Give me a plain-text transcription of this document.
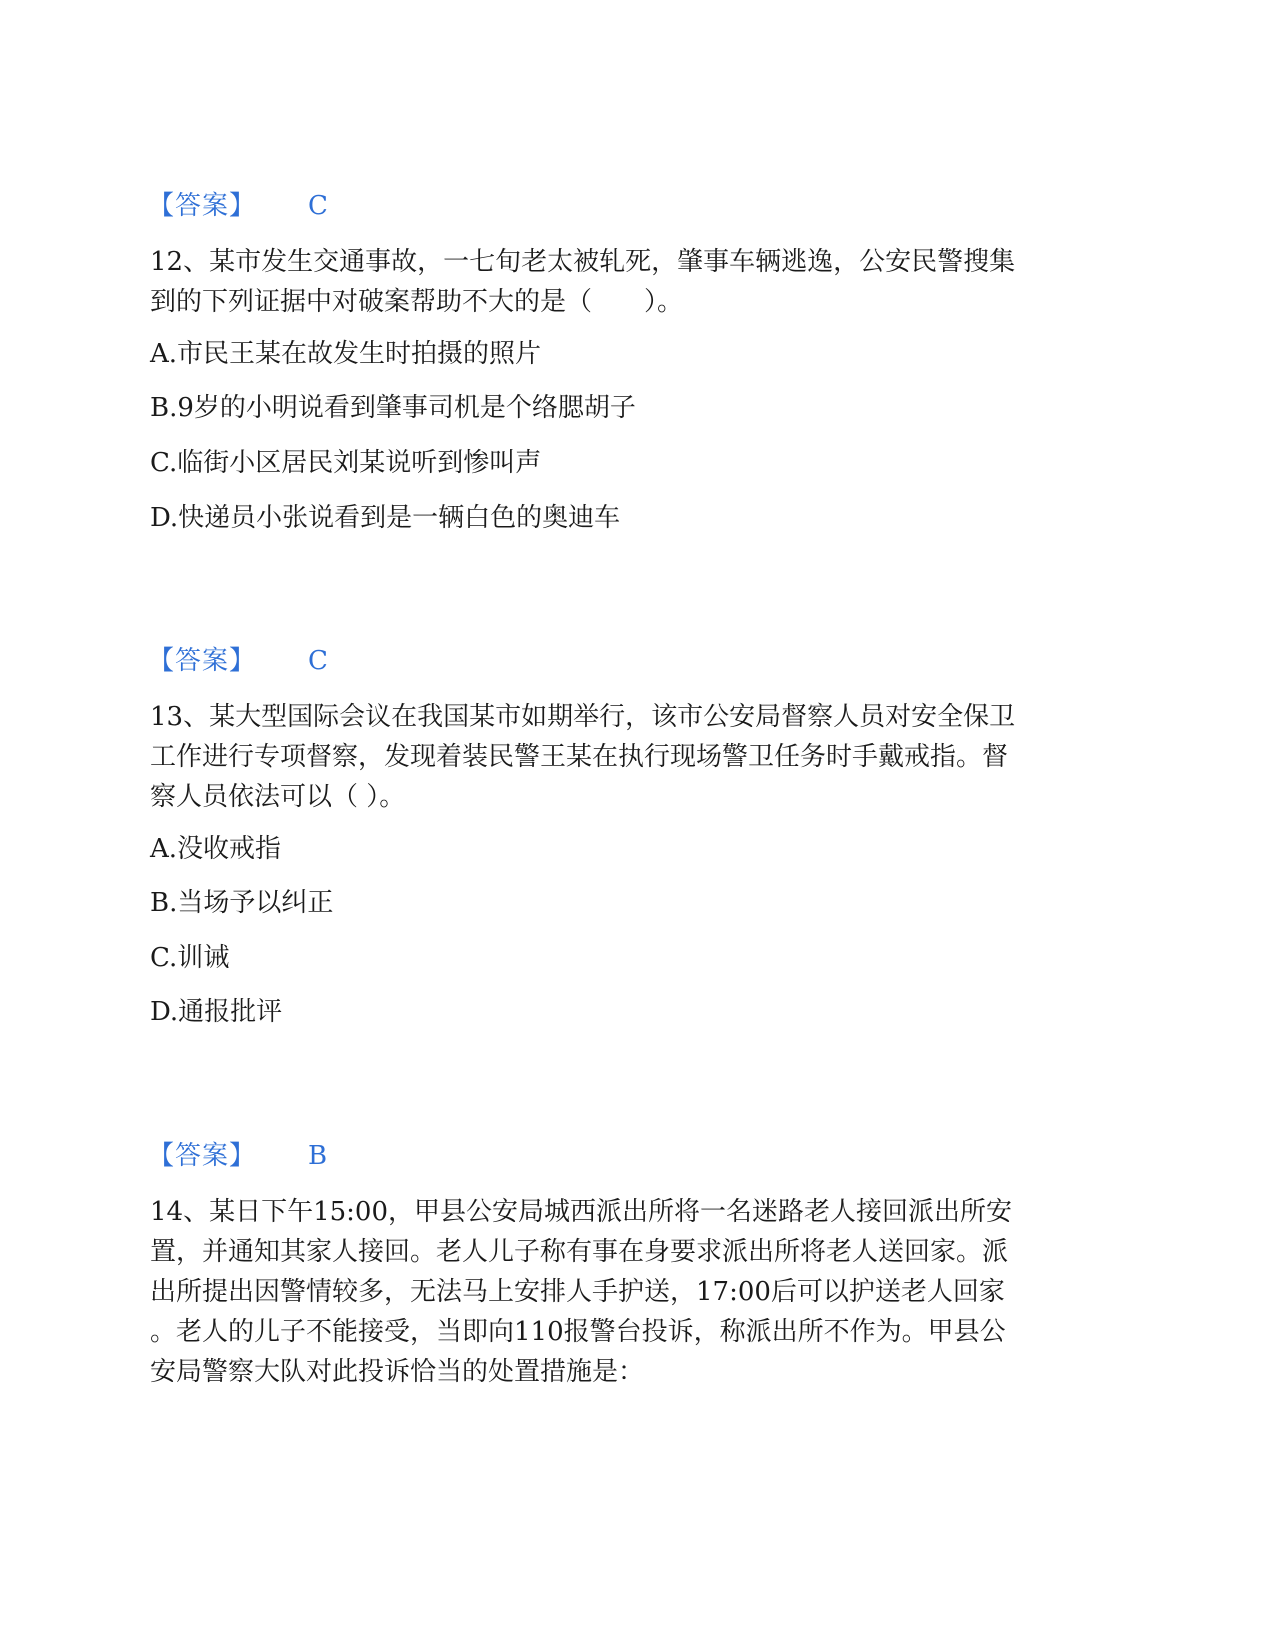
【答案】 C
12、某市发生交通事故，一七旬老太被轧死，肇事车辆逃逸，公安民警搜集
到的下列证据中对破案帮助不大的是（　　）。
A.市民王某在故发生时拍摄的照片
B.9岁的小明说看到肇事司机是个络腮胡子
C.临街小区居民刘某说听到惨叫声
D.快递员小张说看到是一辆白色的奥迪车
【答案】 C
13、某大型国际会议在我国某市如期举行，该市公安局督察人员对安全保卫
工作进行专项督察，发现着装民警王某在执行现场警卫任务时手戴戒指。督
察人员依法可以（ ）。
A.没收戒指
B.当场予以纠正
C.训诫
D.通报批评
【答案】 B
14、某日下午15:00，甲县公安局城西派出所将一名迷路老人接回派出所安
置，并通知其家人接回。老人儿子称有事在身要求派出所将老人送回家。派
出所提出因警情较多，无法马上安排人手护送，17:00后可以护送老人回家
。老人的儿子不能接受，当即向110报警台投诉，称派出所不作为。甲县公
安局警察大队对此投诉恰当的处置措施是：
